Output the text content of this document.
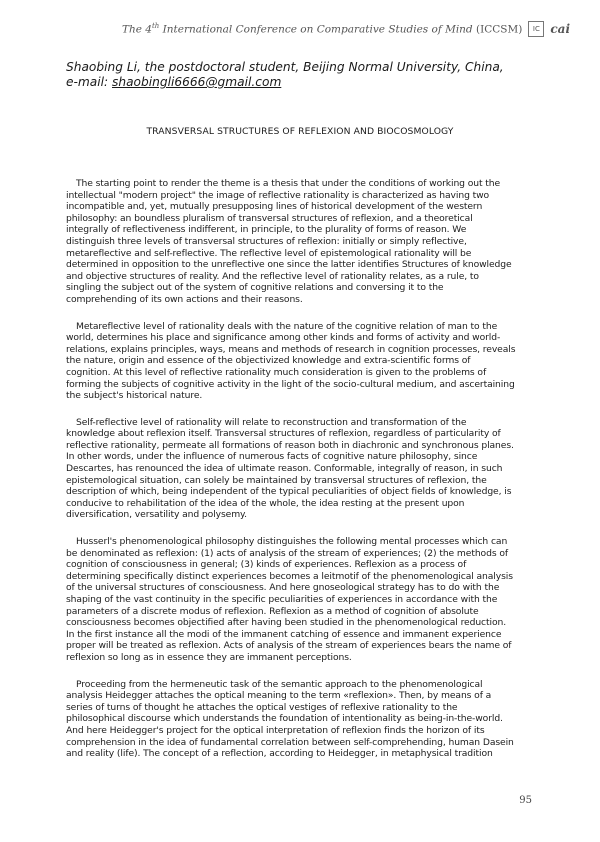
The 4th International Conference on Comparative Studies of Mind (ICCSM)	IC cai
Shaobing Li, the postdoctoral student, Beijing Normal University, China,
e-mail: shaobingli6666@gmail.com
TRANSVERSAL STRUCTURES OF REFLEXION AND BIOCOSMOLOGY

The starting point to render the theme is a thesis that under the conditions of working out the intellectual "modern project" the image of reflective rationality is characterized as having two incompatible and, yet, mutually presupposing lines of historical development of the western philosophy: an boundless pluralism of transversal structures of reflexion, and a theoretical integrally of reflectiveness indifferent, in principle, to the plurality of forms of reason. We distinguish three levels of transversal structures of reflexion: initially or simply reflective, metareflective and self-reflective. The reflective level of epistemological rationality will be determined in opposition to the unreflective one since the latter identifies Structures of knowledge and objective structures of reality. And the reflective level of rationality relates, as a rule, to singling the subject out of the system of cognitive relations and conversing it to the comprehending of its own actions and their reasons.

Metareflective level of rationality deals with the nature of the cognitive relation of man to the world, determines his place and significance among other kinds and forms of activity and world-relations, explains principles, ways, means and methods of research in cognition processes, reveals the nature, origin and essence of the objectivized knowledge and extra-scientific forms of cognition. At this level of reflective rationality much consideration is given to the problems of forming the subjects of cognitive activity in the light of the socio-cultural medium, and ascertaining the subject's historical nature.

Self-reflective level of rationality will relate to reconstruction and transformation of the knowledge about reflexion itself. Transversal structures of reflexion, regardless of particularity of reflective rationality, permeate all formations of reason both in diachronic and synchronous planes. In other words, under the influence of numerous facts of cognitive nature philosophy, since Descartes, has renounced the idea of ultimate reason. Conformable, integrally of reason, in such epistemological situation, can solely be maintained by transversal structures of reflexion, the description of which, being independent of the typical peculiarities of object fields of knowledge, is conducive to rehabilitation of the idea of the whole, the idea resting at the present upon diversification, versatility and polysemy.

Husserl's phenomenological philosophy distinguishes the following mental processes which can be denominated as reflexion: (1) acts of analysis of the stream of experiences; (2) the methods of cognition of consciousness in general; (3) kinds of experiences. Reflexion as a process of determining specifically distinct experiences becomes a leitmotif of the phenomenological analysis of the universal structures of consciousness. And here gnoseological strategy has to do with the shaping of the vast continuity in the specific peculiarities of experiences in accordance with the parameters of a discrete modus of reflexion. Reflexion as a method of cognition of absolute consciousness becomes objectified after having been studied in the phenomenological reduction. In the first instance all the modi of the immanent catching of essence and immanent experience proper will be treated as reflexion. Acts of analysis of the stream of experiences bears the name of reflexion so long as in essence they are immanent perceptions.

Proceeding from the hermeneutic task of the semantic approach to the phenomenological analysis Heidegger attaches the optical meaning to the term «reflexion». Then, by means of a series of turns of thought he attaches the optical vestiges of reflexive rationality to the philosophical discourse which understands the foundation of intentionality as being-in-the-world. And here Heidegger's project for the optical interpretation of reflexion finds the horizon of its comprehension in the idea of fundamental correlation between self-comprehending, human Dasein and reality (life). The concept of a reflection, according to Heidegger, in metaphysical tradition

95
